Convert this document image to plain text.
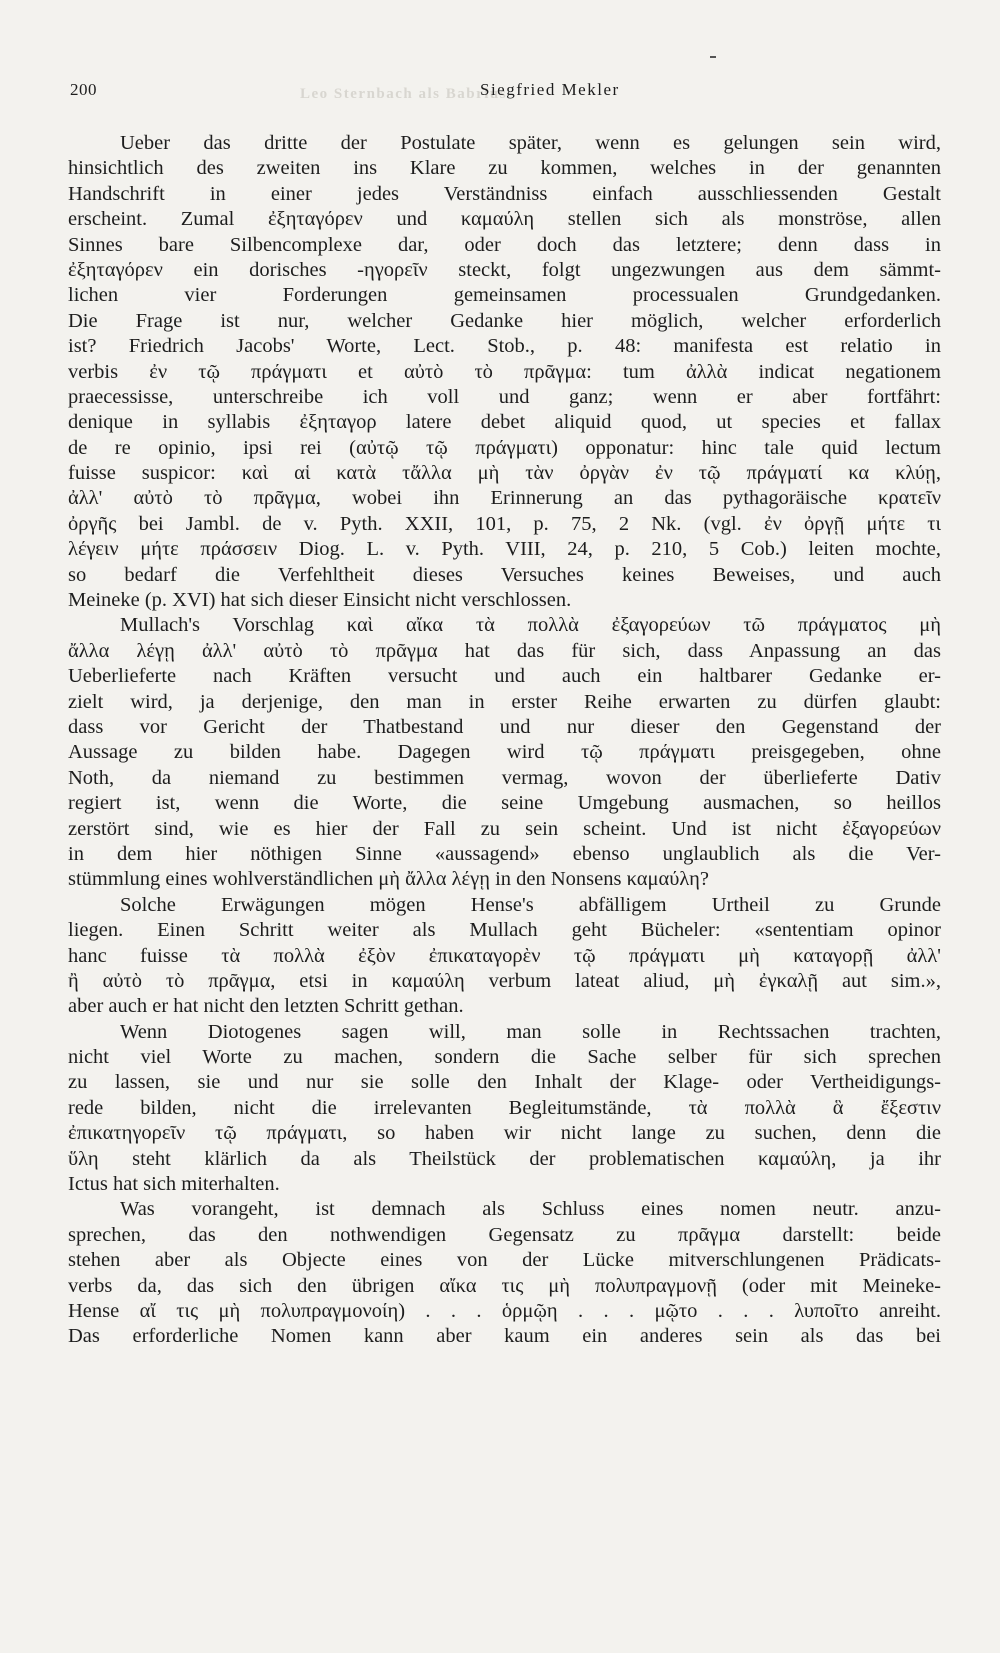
Leo Sternbach als Babrius
200	Siegfried Mekler
Ueber das dritte der Postulate später, wenn es gelungen sein wird,
hinsichtlich des zweiten ins Klare zu kommen, welches in der genannten
Handschrift in einer jedes Verständniss einfach ausschliessenden Gestalt
erscheint. Zumal ἐξηταγόρεν und καμαύλη stellen sich als monströse, allen
Sinnes bare Silbencomplexe dar, oder doch das letztere; denn dass in
ἐξηταγόρεν ein dorisches -ηγορεῖν steckt, folgt ungezwungen aus dem sämmt-
lichen vier Forderungen gemeinsamen processualen Grundgedanken.
Die Frage ist nur, welcher Gedanke hier möglich, welcher erforderlich
ist? Friedrich Jacobs' Worte, Lect. Stob., p. 48: manifesta est relatio in
verbis ἐν τῷ πράγματι et αὐτὸ τὸ πρᾶγμα: tum ἀλλὰ indicat negationem
praecessisse, unterschreibe ich voll und ganz; wenn er aber fortfährt:
denique in syllabis ἐξηταγορ latere debet aliquid quod, ut species et fallax
de re opinio, ipsi rei (αὐτῷ τῷ πράγματι) opponatur: hinc tale quid lectum
fuisse suspicor: καὶ αἱ κατὰ τἄλλα μὴ τὰν ὀργὰν ἐν τῷ πράγματί κα κλύῃ,
ἀλλ' αὐτὸ τὸ πρᾶγμα, wobei ihn Erinnerung an das pythagoräische κρατεῖν
ὀργῆς bei Jambl. de v. Pyth. XXII, 101, p. 75, 2 Nk. (vgl. ἐν ὀργῇ μήτε τι
λέγειν μήτε πράσσειν Diog. L. v. Pyth. VIII, 24, p. 210, 5 Cob.) leiten mochte,
so bedarf die Verfehltheit dieses Versuches keines Beweises, und auch
Meineke (p. XVI) hat sich dieser Einsicht nicht verschlossen.
Mullach's Vorschlag καὶ αἴκα τὰ πολλὰ ἐξαγορεύων τῶ πράγματος μὴ
ἄλλα λέγῃ ἀλλ' αὐτὸ τὸ πρᾶγμα hat das für sich, dass Anpassung an das
Ueberlieferte nach Kräften versucht und auch ein haltbarer Gedanke er-
zielt wird, ja derjenige, den man in erster Reihe erwarten zu dürfen glaubt:
dass vor Gericht der Thatbestand und nur dieser den Gegenstand der
Aussage zu bilden habe. Dagegen wird τῷ πράγματι preisgegeben, ohne
Noth, da niemand zu bestimmen vermag, wovon der überlieferte Dativ
regiert ist, wenn die Worte, die seine Umgebung ausmachen, so heillos
zerstört sind, wie es hier der Fall zu sein scheint. Und ist nicht ἐξαγορεύων
in dem hier nöthigen Sinne «aussagend» ebenso unglaublich als die Ver-
stümmlung eines wohlverständlichen μὴ ἄλλα λέγῃ in den Nonsens καμαύλη?
Solche Erwägungen mögen Hense's abfälligem Urtheil zu Grunde
liegen. Einen Schritt weiter als Mullach geht Bücheler: «sententiam opinor
hanc fuisse τὰ πολλὰ ἐξὸν ἐπικαταγορὲν τῷ πράγματι μὴ καταγορῇ ἀλλ'
ἢ αὐτὸ τὸ πρᾶγμα, etsi in καμαύλη verbum lateat aliud, μὴ ἐγκαλῇ aut sim.»,
aber auch er hat nicht den letzten Schritt gethan.
Wenn Diotogenes sagen will, man solle in Rechtssachen trachten,
nicht viel Worte zu machen, sondern die Sache selber für sich sprechen
zu lassen, sie und nur sie solle den Inhalt der Klage- oder Vertheidigungs-
rede bilden, nicht die irrelevanten Begleitumstände, τὰ πολλὰ ἃ ἔξεστιν
ἐπικατηγορεῖν τῷ πράγματι, so haben wir nicht lange zu suchen, denn die
ὕλη steht klärlich da als Theilstück der problematischen καμαύλη, ja ihr
Ictus hat sich miterhalten.
Was vorangeht, ist demnach als Schluss eines nomen neutr. anzu-
sprechen, das den nothwendigen Gegensatz zu πρᾶγμα darstellt: beide
stehen aber als Objecte eines von der Lücke mitverschlungenen Prädicats-
verbs da, das sich den übrigen αἴκα τις μὴ πολυπραγμονῇ (oder mit Meineke-
Hense αἴ τις μὴ πολυπραγμονοίη) . . . ὁρμῷη . . . μῷτο . . . λυποῖτο anreiht.
Das erforderliche Nomen kann aber kaum ein anderes sein als das bei
